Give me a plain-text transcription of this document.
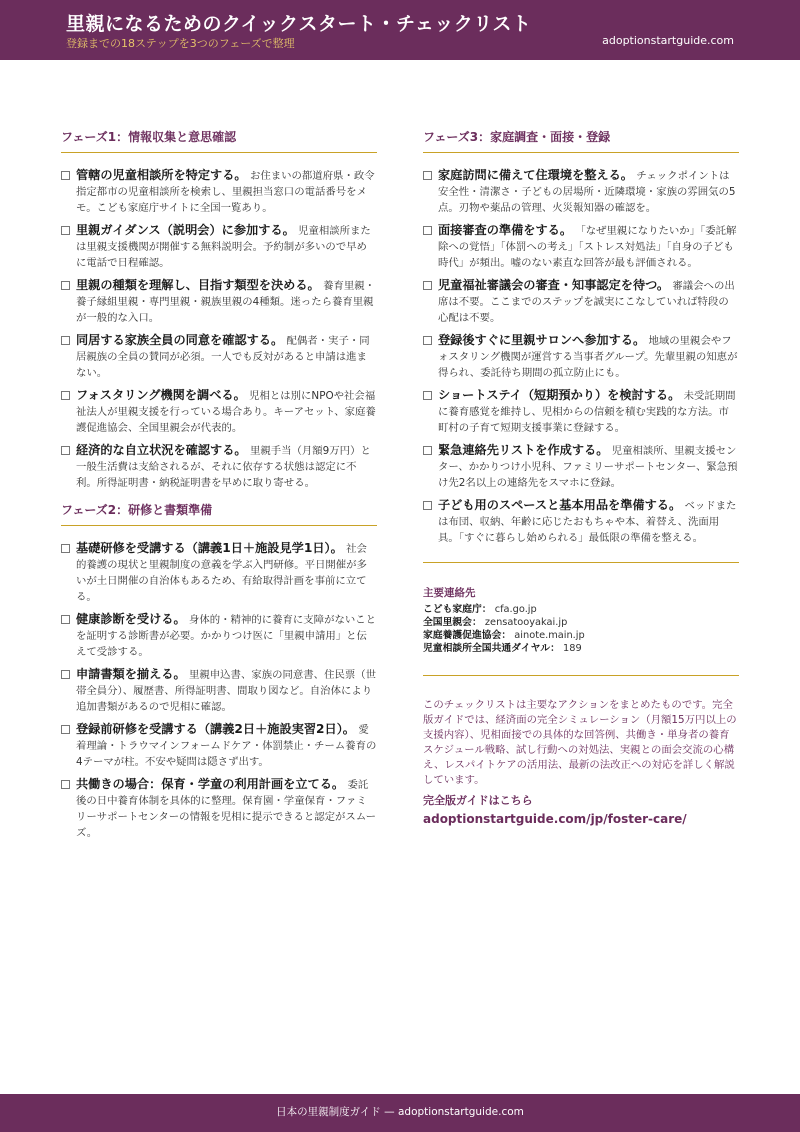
里親になるためのクイックスタート・チェックリスト
登録までの18ステップを3つのフェーズで整理	adoptionstartguide.com
フェーズ1：情報収集と意思確認
管轄の児童相談所を特定する。 お住まいの都道府県・政令指定都市の児童相談所を検索し、里親担当窓口の電話番号をメモ。こども家庭庁サイトに全国一覧あり。
里親ガイダンス（説明会）に参加する。 児童相談所または里親支援機関が開催する無料説明会。予約制が多いので早めに電話で日程確認。
里親の種類を理解し、目指す類型を決める。 養育里親・養子縁組里親・専門里親・親族里親の4種類。迷ったら養育里親が一般的な入口。
同居する家族全員の同意を確認する。 配偶者・実子・同居親族の全員の賛同が必須。一人でも反対があると申請は進まない。
フォスタリング機関を調べる。 児相とは別にNPOや社会福祉法人が里親支援を行っている場合あり。キーアセット、家庭養護促進協会、全国里親会が代表的。
経済的な自立状況を確認する。 里親手当（月額9万円）と一般生活費は支給されるが、それに依存する状態は認定に不利。所得証明書・納税証明書を早めに取り寄せる。
フェーズ2：研修と書類準備
基礎研修を受講する（講義1日＋施設見学1日）。 社会的養護の現状と里親制度の意義を学ぶ入門研修。平日開催が多いが土日開催の自治体もあるため、有給取得計画を事前に立てる。
健康診断を受ける。 身体的・精神的に養育に支障がないことを証明する診断書が必要。かかりつけ医に「里親申請用」と伝えて受診する。
申請書類を揃える。 里親申込書、家族の同意書、住民票（世帯全員分）、履歴書、所得証明書、間取り図など。自治体により追加書類があるので児相に確認。
登録前研修を受講する（講義2日＋施設実習2日）。 愛着理論・トラウマインフォームドケア・体罰禁止・チーム養育の4テーマが柱。不安や疑問は隠さず出す。
共働きの場合：保育・学童の利用計画を立てる。 委託後の日中養育体制を具体的に整理。保育園・学童保育・ファミリーサポートセンターの情報を児相に提示できると認定がスムーズ。
フェーズ3：家庭調査・面接・登録
家庭訪問に備えて住環境を整える。 チェックポイントは安全性・清潔さ・子どもの居場所・近隣環境・家族の雰囲気の5点。刃物や薬品の管理、火災報知器の確認を。
面接審査の準備をする。 「なぜ里親になりたいか」「委託解除への覚悟」「体罰への考え」「ストレス対処法」「自身の子ども時代」が頻出。嘘のない素直な回答が最も評価される。
児童福祉審議会の審査・知事認定を待つ。 審議会への出席は不要。ここまでのステップを誠実にこなしていれば特段の心配は不要。
登録後すぐに里親サロンへ参加する。 地域の里親会やフォスタリング機関が運営する当事者グループ。先輩里親の知恵が得られ、委託待ち期間の孤立防止にも。
ショートステイ（短期預かり）を検討する。 未受託期間に養育感覚を維持し、児相からの信頼を積む実践的な方法。市町村の子育て短期支援事業に登録する。
緊急連絡先リストを作成する。 児童相談所、里親支援センター、かかりつけ小児科、ファミリーサポートセンター、緊急預け先2名以上の連絡先をスマホに登録。
子ども用のスペースと基本用品を準備する。 ベッドまたは布団、収納、年齢に応じたおもちゃや本、着替え、洗面用具。「すぐに暮らし始められる」最低限の準備を整える。
主要連絡先
こども家庭庁： cfa.go.jp
全国里親会： zensatooyakai.jp
家庭養護促進協会： ainote.main.jp
児童相談所全国共通ダイヤル： 189
このチェックリストは主要なアクションをまとめたものです。完全版ガイドでは、経済面の完全シミュレーション（月額15万円以上の支援内容）、児相面接での具体的な回答例、共働き・単身者の養育スケジュール戦略、試し行動への対処法、実親との面会交流の心構え、レスパイトケアの活用法、最新の法改正への対応を詳しく解説しています。
完全版ガイドはこちら
adoptionstartguide.com/jp/foster-care/
日本の里親制度ガイド — adoptionstartguide.com
